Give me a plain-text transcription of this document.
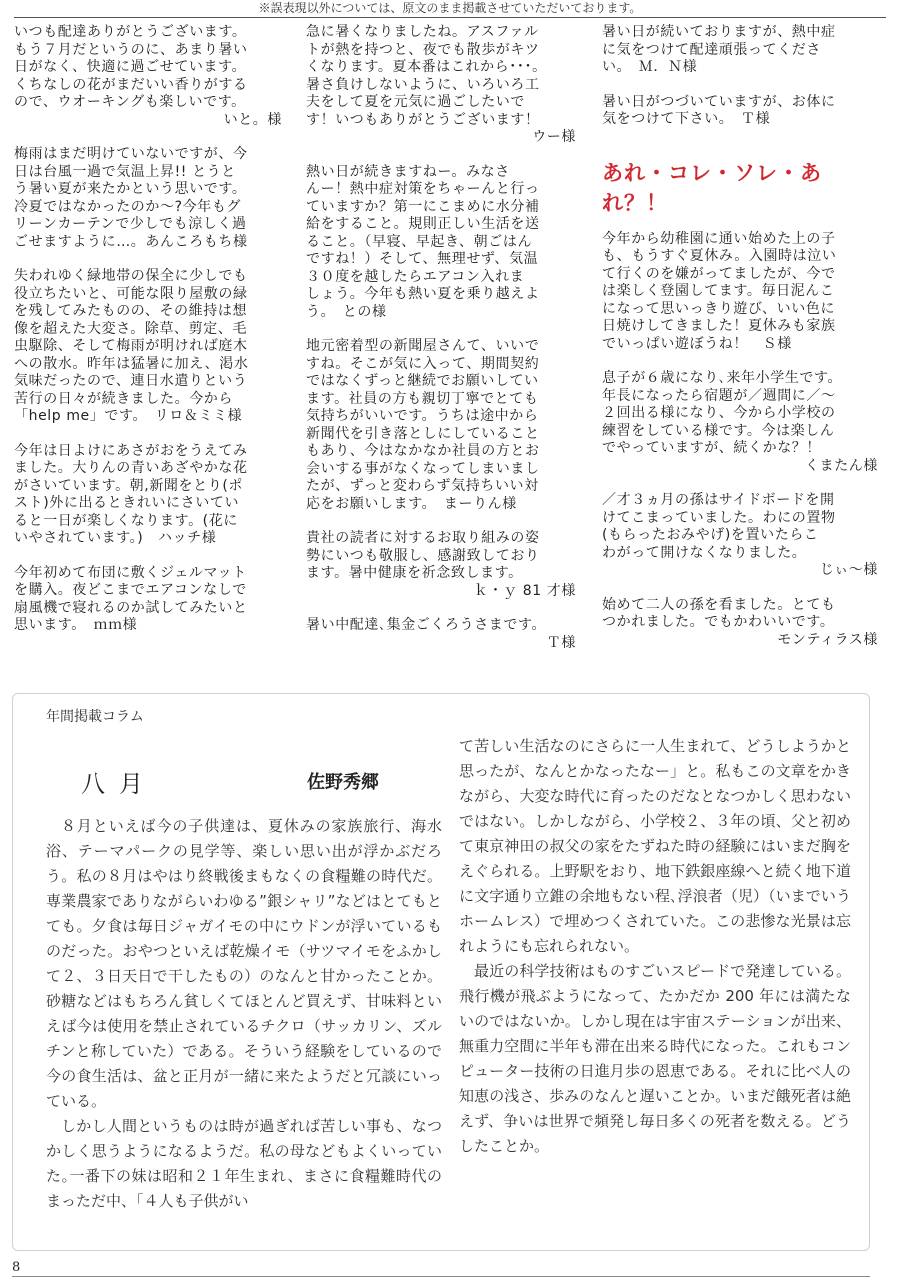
※誤表現以外については、原文のまま掲載させていただいております。

いつも配達ありがとうございます。
もう７月だというのに、あまり暑い
日がなく、快適に過ごせています。
くちなしの花がまだいい香りがする
ので、ウオーキングも楽しいです。

いと。様

梅雨はまだ明けていないですが、今
日は台風一過で気温上昇!! とうと
う暑い夏が来たかという思いです。
冷夏ではなかったのか～?今年もグ
リーンカーテンで少しでも涼しく過
ごせますように…。あんころもち様

失われゆく緑地帯の保全に少しでも
役立ちたいと、可能な限り屋敷の緑
を残してみたものの、その維持は想
像を超えた大変さ。除草、剪定、毛
虫駆除、そして梅雨が明ければ庭木
への散水。昨年は猛暑に加え、渇水
気味だったので、連日水遣りという
苦行の日々が続きました。今から
「help me」です。　リロ＆ミミ様

今年は日よけにあさがおをうえてみ
ました。大りんの青いあざやかな花
がさいています。朝,新聞をとり(ポ
スト)外に出るときれいにさいてい
ると一日が楽しくなります。(花に
いやされています。)　ハッチ様

今年初めて布団に敷くジェルマット
を購入。夜どこまでエアコンなしで
扇風機で寝れるのか試してみたいと
思います。　ｍｍ様

急に暑くなりましたね。アスファル
トが熱を持つと、夜でも散歩がキツ
くなります。夏本番はこれから･･･。
暑さ負けしないように、いろいろ工
夫をして夏を元気に過ごしたいで
す！いつもありがとうございます！

ウー様

熱い日が続きますねー。みなさ
んー！熱中症対策をちゃーんと行っ
ていますか？第一にこまめに水分補
給をすること。規則正しい生活を送
ること。（早寝、早起き、朝ごはん
ですね！）そして、無理せず、気温
３０度を越したらエアコン入れま
しょう。今年も熱い夏を乗り越えよ
う。　との様

地元密着型の新聞屋さんて、いいで
すね。そこが気に入って、期間契約
ではなくずっと継続でお願いしてい
ます。社員の方も親切丁寧でとても
気持ちがいいです。うちは途中から
新聞代を引き落としにしていること
もあり、今はなかなか社員の方とお
会いする事がなくなってしまいまし
たが、ずっと変わらず気持ちいい対
応をお願いします。　まーりん様

貴社の読者に対するお取り組みの姿
勢にいつも敬服し、感謝致しており
ます。暑中健康を祈念致します。

ｋ・ｙ 81 才様

暑い中配達､集金ごくろうさまです。

Ｔ様

暑い日が続いておりますが、熱中症
に気をつけて配達頑張ってくださ
い。　Ｍ．Ｎ様

暑い日がつづいていますが、お体に
気をつけて下さい。　Ｔ様

あれ・コレ・ソレ・あれ？！

今年から幼稚園に通い始めた上の子
も、もうすぐ夏休み。入園時は泣い
て行くのを嫌がってましたが、今で
は楽しく登園してます。毎日泥んこ
になって思いっきり遊び、いい色に
日焼けしてきました！夏休みも家族
でいっぱい遊ぼうね！　Ｓ様

息子が６歳になり､来年小学生です。
年長になったら宿題が／週間に／～
２回出る様になり、今から小学校の
練習をしている様です。今は楽しん
でやっていますが、続くかな？！

くまたん様

／才３ヵ月の孫はサイドボードを開
けてこまっていました。わにの置物
(もらったおみやげ)を置いたらこ
わがって開けなくなりました。

じぃ～様

始めて二人の孫を看ました。とても
つかれました。でもかわいいです。

モンティラス様

年間掲載コラム
八月	佐野秀郷

８月といえば今の子供達は、夏休みの家族旅行、海水浴、テーマパークの見学等、楽しい思い出が浮かぶだろう。私の８月はやはり終戦後まもなくの食糧難の時代だ。専業農家でありながらいわゆる”銀シャリ”などはとてもとても。夕食は毎日ジャガイモの中にウドンが浮いているものだった。おやつといえば乾燥イモ（サツマイモをふかして２、３日天日で干したもの）のなんと甘かったことか。砂糖などはもちろん貧しくてほとんど買えず、甘味料といえば今は使用を禁止されているチクロ（サッカリン、ズルチンと称していた）である。そういう経験をしているので今の食生活は、盆と正月が一緒に来たようだと冗談にいっている。

しかし人間というものは時が過ぎれば苦しい事も、なつかしく思うようになるようだ。私の母などもよくいっていた｡一番下の妹は昭和２１年生まれ、まさに食糧難時代のまっただ中、「４人も子供がい

て苦しい生活なのにさらに一人生まれて、どうしようかと思ったが、なんとかなったなー」と。私もこの文章をかきながら、大変な時代に育ったのだなとなつかしく思わないではない。しかしながら、小学校２、３年の頃、父と初めて東京神田の叔父の家をたずねた時の経験にはいまだ胸をえぐられる。上野駅をおり、地下鉄銀座線へと続く地下道に文字通り立錐の余地もない程､浮浪者（児）（いまでいうホームレス）で埋めつくされていた。この悲惨な光景は忘れようにも忘れられない。

最近の科学技術はものすごいスピードで発達している。飛行機が飛ぶようになって、たかだか 200 年には満たないのではないか。しかし現在は宇宙ステーションが出来、無重力空間に半年も滞在出来る時代になった。これもコンピューター技術の日進月歩の恩恵である。それに比べ人の知恵の浅さ、歩みのなんと遅いことか。いまだ餓死者は絶えず、争いは世界で頻発し毎日多くの死者を数える。どうしたことか。

8
